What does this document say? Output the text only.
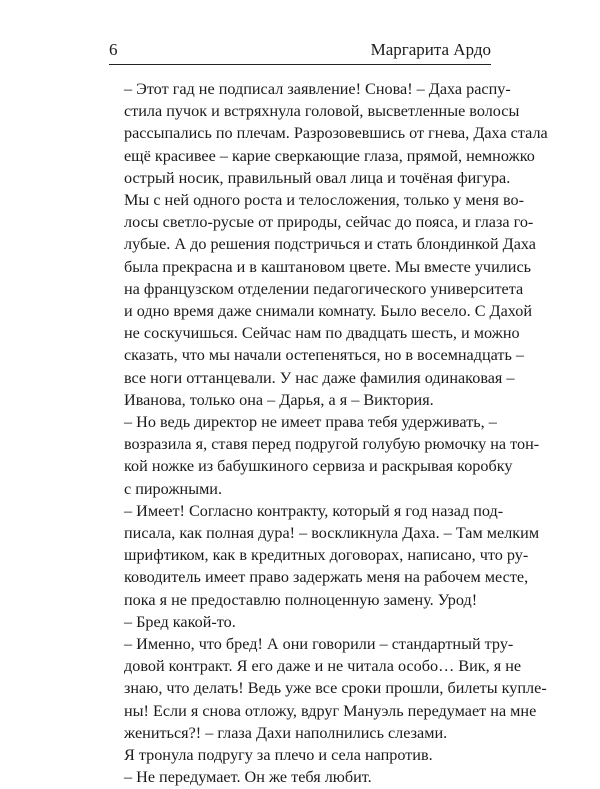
6	Маргарита Ардо

– Этот гад не подписал заявление! Снова! – Даха распу-
стила пучок и встряхнула головой, высветленные волосы
рассыпались по плечам. Разрозовевшись от гнева, Даха стала
ещё красивее – карие сверкающие глаза, прямой, немножко
острый носик, правильный овал лица и точёная фигура.

Мы с ней одного роста и телосложения, только у меня во-
лосы светло-русые от природы, сейчас до пояса, и глаза го-
лубые. А до решения подстричься и стать блондинкой Даха
была прекрасна и в каштановом цвете. Мы вместе учились
на французском отделении педагогического университета
и одно время даже снимали комнату. Было весело. С Дахой
не соскучишься. Сейчас нам по двадцать шесть, и можно
сказать, что мы начали остепеняться, но в восемнадцать –
все ноги оттанцевали. У нас даже фамилия одинаковая –
Иванова, только она – Дарья, а я – Виктория.

– Но ведь директор не имеет права тебя удерживать, –
возразила я, ставя перед подругой голубую рюмочку на тон-
кой ножке из бабушкиного сервиза и раскрывая коробку
с пирожными.

– Имеет! Согласно контракту, который я год назад под-
писала, как полная дура! – воскликнула Даха. – Там мелким
шрифтиком, как в кредитных договорах, написано, что ру-
ководитель имеет право задержать меня на рабочем месте,
пока я не предоставлю полноценную замену. Урод!

– Бред какой-то.

– Именно, что бред! А они говорили – стандартный тру-
довой контракт. Я его даже и не читала особо… Вик, я не
знаю, что делать! Ведь уже все сроки прошли, билеты купле-
ны! Если я снова отложу, вдруг Мануэль передумает на мне
жениться?! – глаза Дахи наполнились слезами.

Я тронула подругу за плечо и села напротив.

– Не передумает. Он же тебя любит.
